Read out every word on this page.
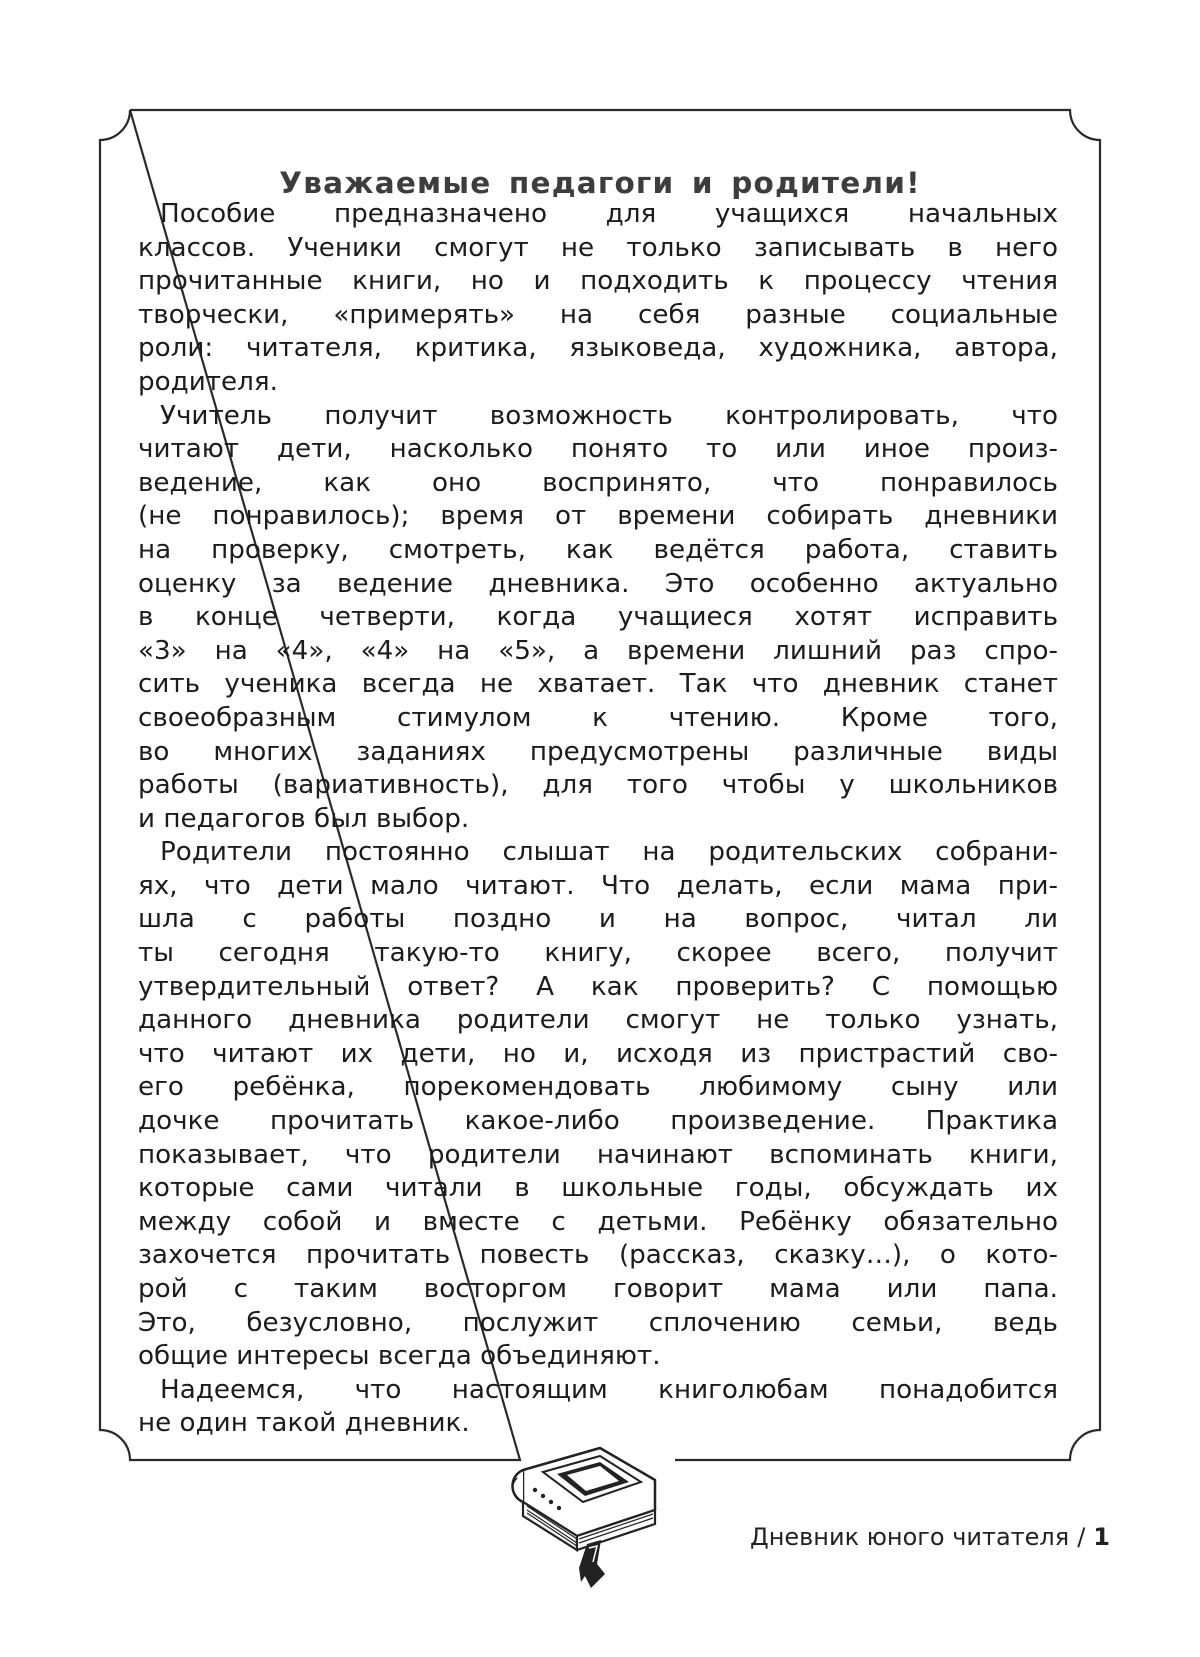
Уважаемые педагоги и родители!
Пособие предназначено для учащихся начальных
классов. Ученики смогут не только записывать в него
прочитанные книги, но и подходить к процессу чтения
творчески, «примерять» на себя разные социальные
роли: читателя, критика, языковеда, художника, автора,
родителя.
Учитель получит возможность контролировать, что
читают дети, насколько понято то или иное произ-
ведение, как оно воспринято, что понравилось
(не понравилось); время от времени собирать дневники
на проверку, смотреть, как ведётся работа, ставить
оценку за ведение дневника. Это особенно актуально
в конце четверти, когда учащиеся хотят исправить
«3» на «4», «4» на «5», а времени лишний раз спро-
сить ученика всегда не хватает. Так что дневник станет
своеобразным стимулом к чтению. Кроме того,
во многих заданиях предусмотрены различные виды
работы (вариативность), для того чтобы у школьников
и педагогов был выбор.
Родители постоянно слышат на родительских собрани-
ях, что дети мало читают. Что делать, если мама при-
шла с работы поздно и на вопрос, читал ли
ты сегодня такую-то книгу, скорее всего, получит
утвердительный ответ? А как проверить? С помощью
данного дневника родители смогут не только узнать,
что читают их дети, но и, исходя из пристрастий сво-
его ребёнка, порекомендовать любимому сыну или
дочке прочитать какое-либо произведение. Практика
показывает, что родители начинают вспоминать книги,
которые сами читали в школьные годы, обсуждать их
между собой и вместе с детьми. Ребёнку обязательно
захочется прочитать повесть (рассказ, сказку…), о кото-
рой с таким восторгом говорит мама или папа.
Это, безусловно, послужит сплочению семьи, ведь
общие интересы всегда объединяют.
Надеемся, что настоящим книголюбам понадобится
не один такой дневник.
Дневник юного читателя / 1
